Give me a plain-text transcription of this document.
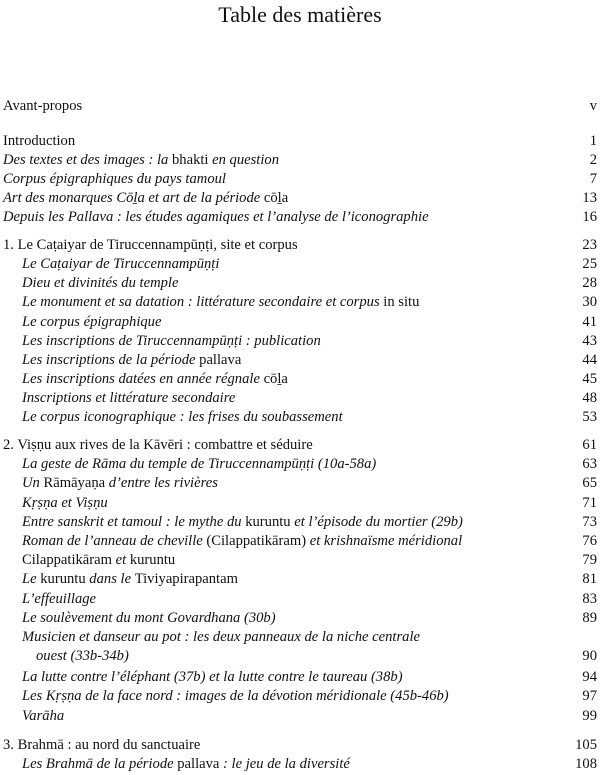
Table des matières
Avant-propos	v
Introduction	1
Des textes et des images : la bhakti en question	2
Corpus épigraphiques du pays tamoul	7
Art des monarques Cōḻa et art de la période cōḻa	13
Depuis les Pallava : les études agamiques et l’analyse de l’iconographie	16
1. Le Caṭaiyar de Tiruccennampūṇṭi, site et corpus	23
Le Caṭaiyar de Tiruccennampūṇṭi	25
Dieu et divinités du temple	28
Le monument et sa datation : littérature secondaire et corpus in situ	30
Le corpus épigraphique	41
Les inscriptions de Tiruccennampūṇṭi : publication	43
Les inscriptions de la période pallava	44
Les inscriptions datées en année régnale cōḻa	45
Inscriptions et littérature secondaire	48
Le corpus iconographique : les frises du soubassement	53
2. Viṣṇu aux rives de la Kāvēri : combattre et séduire	61
La geste de Rāma du temple de Tiruccennampūṇṭi (10a-58a)	63
Un Rāmāyaṇa d’entre les rivières	65
Kṛṣṇa et Viṣṇu	71
Entre sanskrit et tamoul : le mythe du kuruntu et l’épisode du mortier (29b)	73
Roman de l’anneau de cheville (Cilappatikāram) et krishnaïsme méridional	76
Cilappatikāram et kuruntu	79
Le kuruntu dans le Tiviyapirapantam	81
L’effeuillage	83
Le soulèvement du mont Govardhana (30b)	89
Musicien et danseur au pot : les deux panneaux de la niche centrale
ouest (33b-34b)	90
La lutte contre l’éléphant (37b) et la lutte contre le taureau (38b)	94
Les Kṛṣṇa de la face nord : images de la dévotion méridionale (45b-46b)	97
Varāha	99
3. Brahmā : au nord du sanctuaire	105
Les Brahmā de la période pallava : le jeu de la diversité	108
